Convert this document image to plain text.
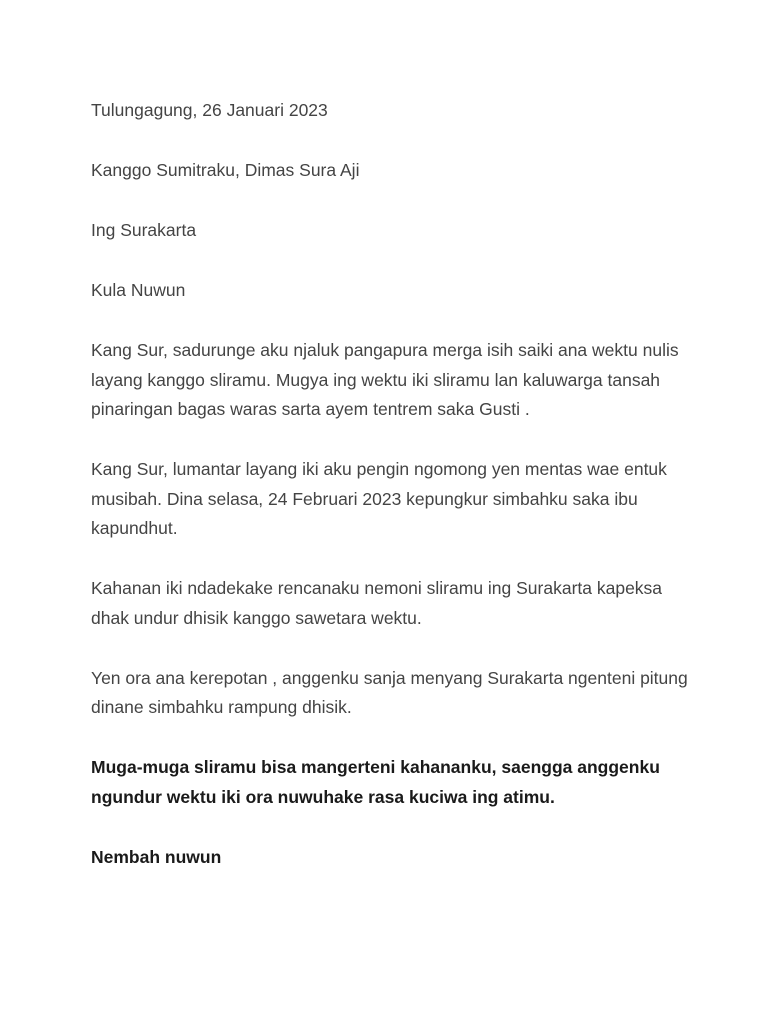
Tulungagung, 26 Januari 2023

Kanggo Sumitraku, Dimas Sura Aji

Ing Surakarta

Kula Nuwun

Kang Sur, sadurunge aku njaluk pangapura merga isih saiki ana wektu nulis layang kanggo sliramu. Mugya ing wektu iki sliramu lan kaluwarga tansah pinaringan bagas waras sarta ayem tentrem saka Gusti .

Kang Sur, lumantar layang iki aku pengin ngomong yen mentas wae entuk musibah. Dina selasa, 24 Februari 2023 kepungkur simbahku saka ibu kapundhut.

Kahanan iki ndadekake rencanaku nemoni sliramu ing Surakarta kapeksa dhak undur dhisik kanggo sawetara wektu.

Yen ora ana kerepotan , anggenku sanja menyang Surakarta ngenteni pitung dinane simbahku rampung dhisik.

Muga-muga sliramu bisa mangerteni kahananku, saengga anggenku ngundur wektu iki ora nuwuhake rasa kuciwa ing atimu.

Nembah nuwun
